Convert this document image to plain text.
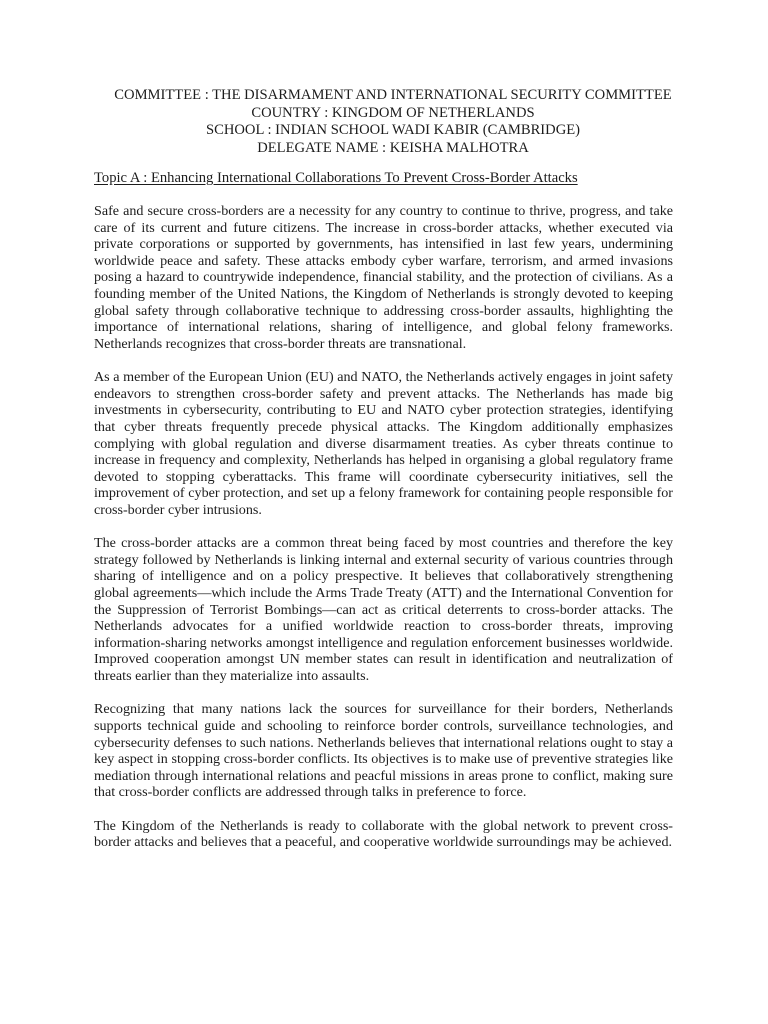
COMMITTEE : THE DISARMAMENT AND INTERNATIONAL SECURITY COMMITTEE
COUNTRY : KINGDOM OF NETHERLANDS
SCHOOL : INDIAN SCHOOL WADI KABIR (CAMBRIDGE)
DELEGATE NAME : KEISHA MALHOTRA
Topic A : Enhancing International Collaborations To Prevent Cross-Border Attacks

Safe and secure cross-borders are a necessity for any country to continue to thrive, progress, and take care of its current and future citizens. The increase in cross-border attacks, whether executed via private corporations or supported by governments, has intensified in last few years, undermining worldwide peace and safety. These attacks embody cyber warfare, terrorism, and armed invasions posing a hazard to countrywide independence, financial stability, and the protection of civilians. As a founding member of the United Nations, the Kingdom of Netherlands is strongly devoted to keeping global safety through collaborative technique to addressing cross-border assaults, highlighting the importance of international relations, sharing of intelligence, and global felony frameworks. Netherlands recognizes that cross-border threats are transnational.

As a member of the European Union (EU) and NATO, the Netherlands actively engages in joint safety endeavors to strengthen cross-border safety and prevent attacks. The Netherlands has made big investments in cybersecurity, contributing to EU and NATO cyber protection strategies, identifying that cyber threats frequently precede physical attacks. The Kingdom additionally emphasizes complying with global regulation and diverse disarmament treaties. As cyber threats continue to increase in frequency and complexity, Netherlands has helped in organising a global regulatory frame devoted to stopping cyberattacks. This frame will coordinate cybersecurity initiatives, sell the improvement of cyber protection, and set up a felony framework for containing people responsible for cross-border cyber intrusions.

The cross-border attacks are a common threat being faced by most countries and therefore the key strategy followed by Netherlands is linking internal and external security of various countries through sharing of intelligence and on a policy prespective. It believes that collaboratively strengthening global agreements—which include the Arms Trade Treaty (ATT) and the International Convention for the Suppression of Terrorist Bombings—can act as critical deterrents to cross-border attacks. The Netherlands advocates for a unified worldwide reaction to cross-border threats, improving information-sharing networks amongst intelligence and regulation enforcement businesses worldwide. Improved cooperation amongst UN member states can result in identification and neutralization of threats earlier than they materialize into assaults.

Recognizing that many nations lack the sources for surveillance for their borders, Netherlands supports technical guide and schooling to reinforce border controls, surveillance technologies, and cybersecurity defenses to such nations. Netherlands believes that international relations ought to stay a key aspect in stopping cross-border conflicts. Its objectives is to make use of preventive strategies like mediation through international relations and peacful missions in areas prone to conflict, making sure that cross-border conflicts are addressed through talks in preference to force.

The Kingdom of the Netherlands is ready to collaborate with the global network to prevent cross-border attacks and believes that a peaceful, and cooperative worldwide surroundings may be achieved.
